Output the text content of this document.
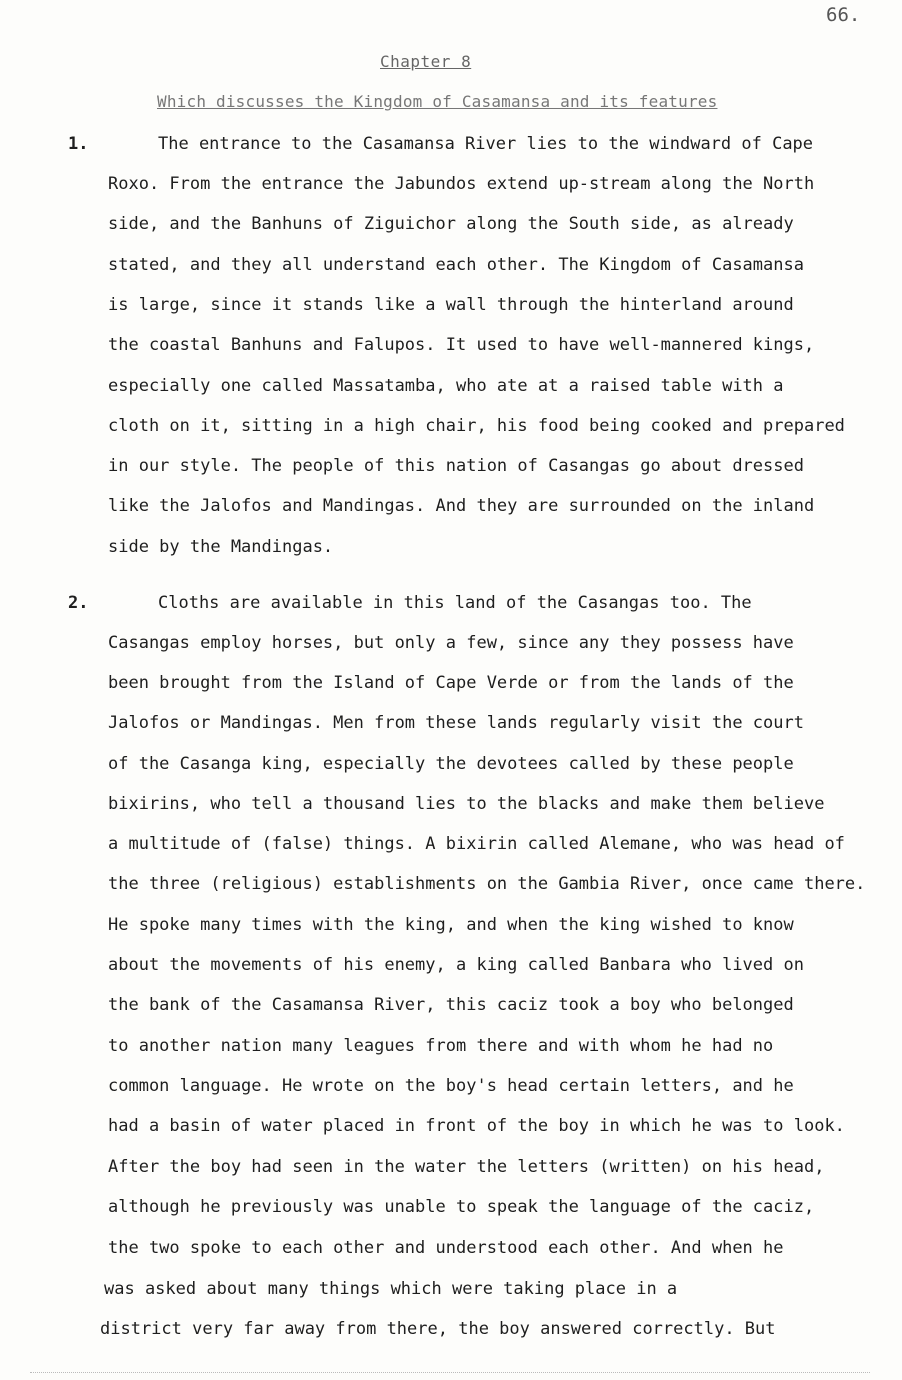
66.
Chapter 8
Which discusses the Kingdom of Casamansa and its features
1.	The entrance to the Casamansa River lies to the windward of Cape
Roxo. From the entrance the Jabundos extend up-stream along the North
side, and the Banhuns of Ziguichor along the South side, as already
stated, and they all understand each other. The Kingdom of Casamansa
is large, since it stands like a wall through the hinterland around
the coastal Banhuns and Falupos. It used to have well-mannered kings,
especially one called Massatamba, who ate at a raised table with a
cloth on it, sitting in a high chair, his food being cooked and prepared
in our style. The people of this nation of Casangas go about dressed
like the Jalofos and Mandingas. And they are surrounded on the inland
side by the Mandingas.
2.	Cloths are available in this land of the Casangas too. The
Casangas employ horses, but only a few, since any they possess have
been brought from the Island of Cape Verde or from the lands of the
Jalofos or Mandingas. Men from these lands regularly visit the court
of the Casanga king, especially the devotees called by these people
bixirins, who tell a thousand lies to the blacks and make them believe
a multitude of (false) things. A bixirin called Alemane, who was head of
the three (religious) establishments on the Gambia River, once came there.
He spoke many times with the king, and when the king wished to know
about the movements of his enemy, a king called Banbara who lived on
the bank of the Casamansa River, this caciz took a boy who belonged
to another nation many leagues from there and with whom he had no
common language. He wrote on the boy's head certain letters, and he
had a basin of water placed in front of the boy in which he was to look.
After the boy had seen in the water the letters (written) on his head,
although he previously was unable to speak the language of the caciz,
the two spoke to each other and understood each other. And when he
was asked about many things which were taking place in a
district very far away from there, the boy answered correctly. But
